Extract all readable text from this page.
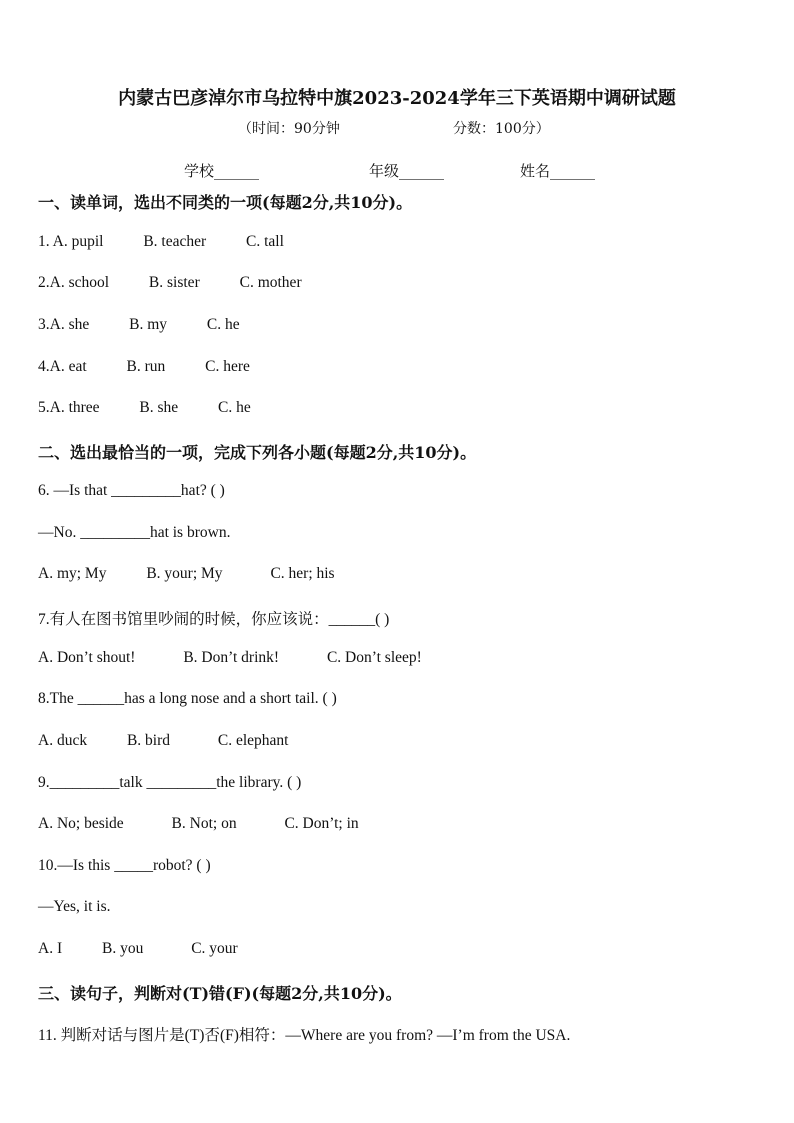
内蒙古巴彦淖尔市乌拉特中旗2023-2024学年三下英语期中调研试题
（时间：90分钟	分数：100分）
学校______	年级______	姓名______
一、读单词，选出不同类的一项(每题2分,共10分)。
1. A. pupil	B. teacher	C. tall
2.A. school	B. sister	C. mother
3.A. she	B. my	C. he
4.A. eat	B. run	C. here
5.A. three	B. she	C. he
二、选出最恰当的一项，完成下列各小题(每题2分,共10分)。
6. —Is that _________hat? ( )
—No. _________hat is brown.
A. my; My	B. your; My	C. her; his
7.有人在图书馆里吵闹的时候，你应该说：______( )
A. Don’t shout!	B. Don’t drink!	C. Don’t sleep!
8.The ______has a long nose and a short tail. ( )
A. duck	B. bird	C. elephant
9._________talk _________the library. ( )
A. No; beside	B. Not; on	C. Don’t; in
10.—Is this _____robot? ( )
—Yes, it is.
A. I	B. you	C. your
三、读句子，判断对(T)错(F)(每题2分,共10分)。
11. 判断对话与图片是(T)否(F)相符：—Where are you from? —I’m from the USA.
